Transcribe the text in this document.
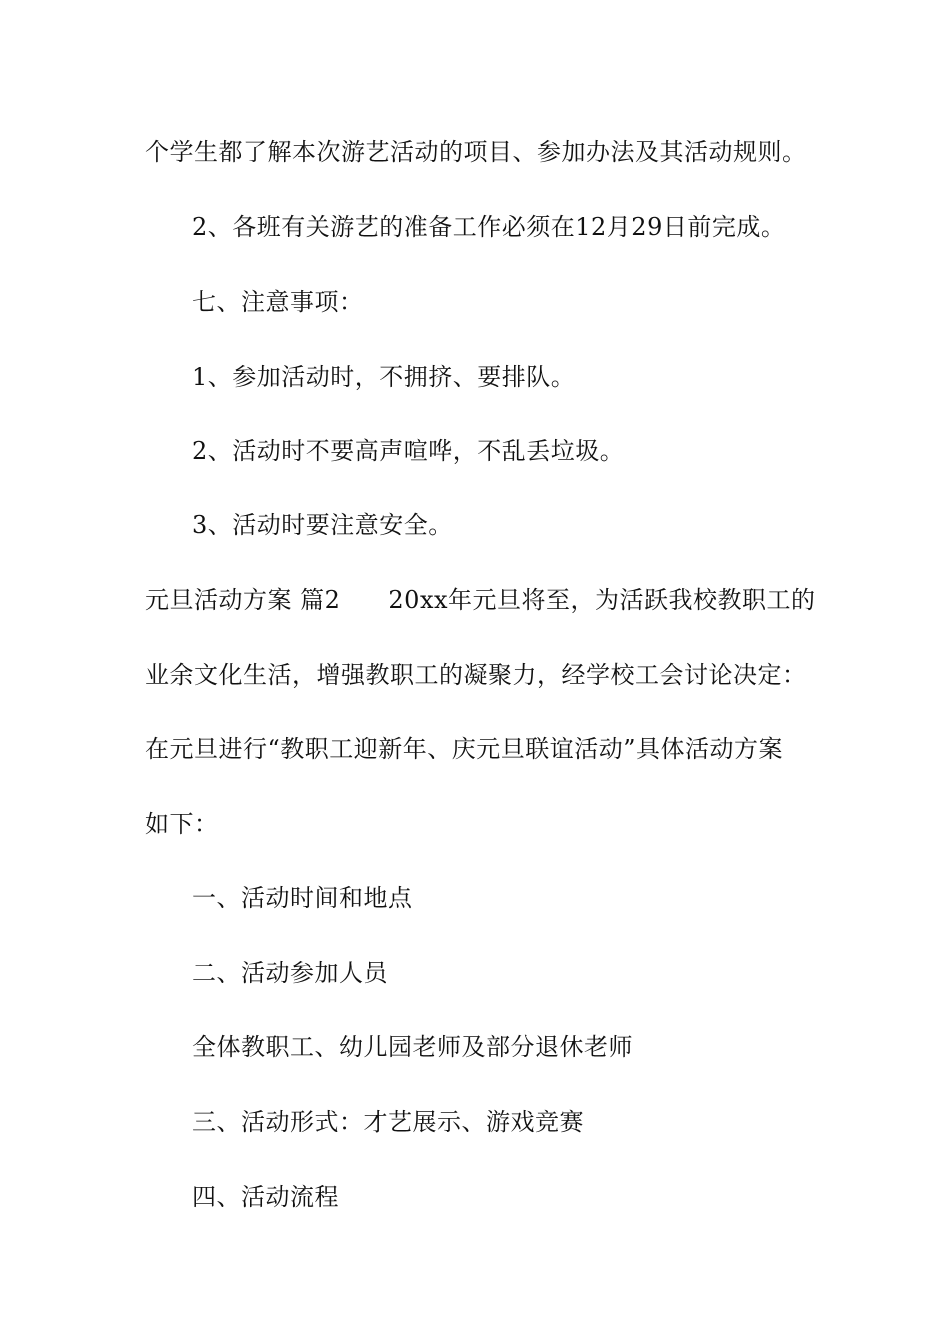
个学生都了解本次游艺活动的项目、参加办法及其活动规则。
2、各班有关游艺的准备工作必须在12月29日前完成。
七、注意事项：
1、参加活动时，不拥挤、要排队。
2、活动时不要高声喧哗，不乱丢垃圾。
3、活动时要注意安全。
元旦活动方案 篇2 20xx年元旦将至，为活跃我校教职工的
业余文化生活，增强教职工的凝聚力，经学校工会讨论决定：
在元旦进行“教职工迎新年、庆元旦联谊活动”具体活动方案
如下：
一、活动时间和地点
二、活动参加人员
全体教职工、幼儿园老师及部分退休老师
三、活动形式：才艺展示、游戏竞赛
四、活动流程
